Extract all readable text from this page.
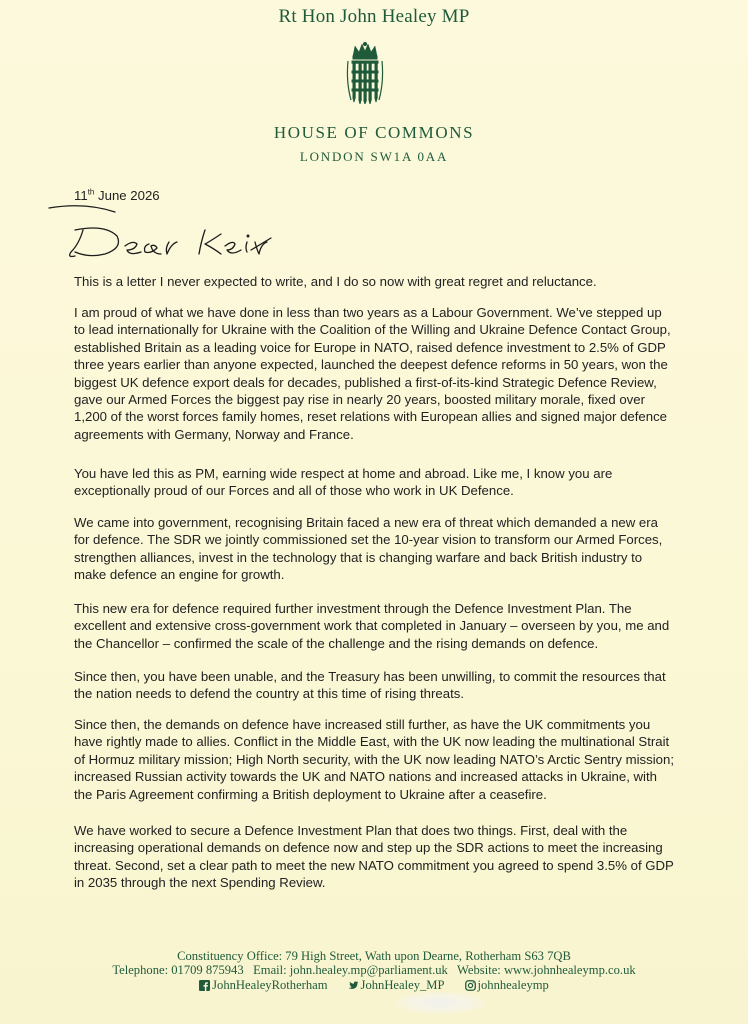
Rt Hon John Healey MP
HOUSE OF COMMONS
LONDON SW1A 0AA
11th June 2026

This is a letter I never expected to write, and I do so now with great regret and reluctance.

I am proud of what we have done in less than two years as a Labour Government. We’ve stepped up to lead internationally for Ukraine with the Coalition of the Willing and Ukraine Defence Contact Group, established Britain as a leading voice for Europe in NATO, raised defence investment to 2.5% of GDP three years earlier than anyone expected, launched the deepest defence reforms in 50 years, won the biggest UK defence export deals for decades, published a first-of-its-kind Strategic Defence Review, gave our Armed Forces the biggest pay rise in nearly 20 years, boosted military morale, fixed over 1,200 of the worst forces family homes, reset relations with European allies and signed major defence agreements with Germany, Norway and France.

You have led this as PM, earning wide respect at home and abroad. Like me, I know you are exceptionally proud of our Forces and all of those who work in UK Defence.

We came into government, recognising Britain faced a new era of threat which demanded a new era for defence. The SDR we jointly commissioned set the 10-year vision to transform our Armed Forces, strengthen alliances, invest in the technology that is changing warfare and back British industry to make defence an engine for growth.

This new era for defence required further investment through the Defence Investment Plan. The excellent and extensive cross-government work that completed in January – overseen by you, me and the Chancellor – confirmed the scale of the challenge and the rising demands on defence.

Since then, you have been unable, and the Treasury has been unwilling, to commit the resources that the nation needs to defend the country at this time of rising threats.

Since then, the demands on defence have increased still further, as have the UK commitments you have rightly made to allies. Conflict in the Middle East, with the UK now leading the multinational Strait of Hormuz military mission; High North security, with the UK now leading NATO’s Arctic Sentry mission; increased Russian activity towards the UK and NATO nations and increased attacks in Ukraine, with the Paris Agreement confirming a British deployment to Ukraine after a ceasefire.

We have worked to secure a Defence Investment Plan that does two things. First, deal with the increasing operational demands on defence now and step up the SDR actions to meet the increasing threat. Second, set a clear path to meet the new NATO commitment you agreed to spend 3.5% of GDP in 2035 through the next Spending Review.

Constituency Office: 79 High Street, Wath upon Dearne, Rotherham S63 7QB
Telephone: 01709 875943   Email: john.healey.mp@parliament.uk   Website: www.johnhealeymp.co.uk
JohnHealeyRotherham	JohnHealey_MP	johnhealeymp
